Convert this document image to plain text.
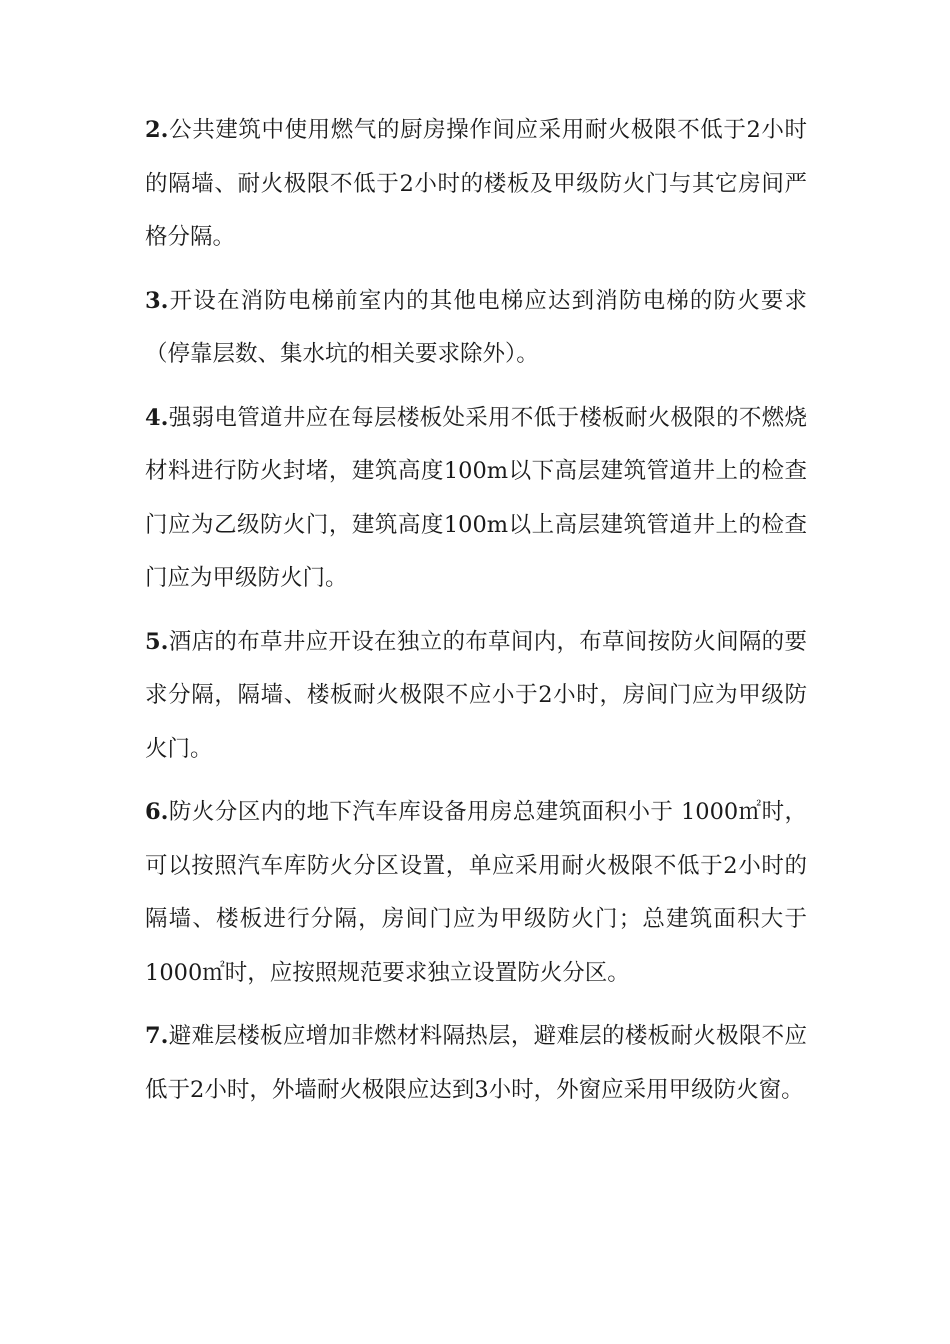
2.公共建筑中使用燃气的厨房操作间应采用耐火极限不低于2小时的隔墙、耐火极限不低于2小时的楼板及甲级防火门与其它房间严格分隔。

3.开设在消防电梯前室内的其他电梯应达到消防电梯的防火要求（停靠层数、集水坑的相关要求除外）。

4.强弱电管道井应在每层楼板处采用不低于楼板耐火极限的不燃烧材料进行防火封堵，建筑高度100m以下高层建筑管道井上的检查门应为乙级防火门，建筑高度100m以上高层建筑管道井上的检查门应为甲级防火门。

5.酒店的布草井应开设在独立的布草间内，布草间按防火间隔的要求分隔，隔墙、楼板耐火极限不应小于2小时，房间门应为甲级防火门。

6.防火分区内的地下汽车库设备用房总建筑面积小于 1000㎡时，可以按照汽车库防火分区设置，单应采用耐火极限不低于2小时的隔墙、楼板进行分隔，房间门应为甲级防火门；总建筑面积大于1000㎡时，应按照规范要求独立设置防火分区。

7.避难层楼板应增加非燃材料隔热层，避难层的楼板耐火极限不应低于2小时，外墙耐火极限应达到3小时，外窗应采用甲级防火窗。
